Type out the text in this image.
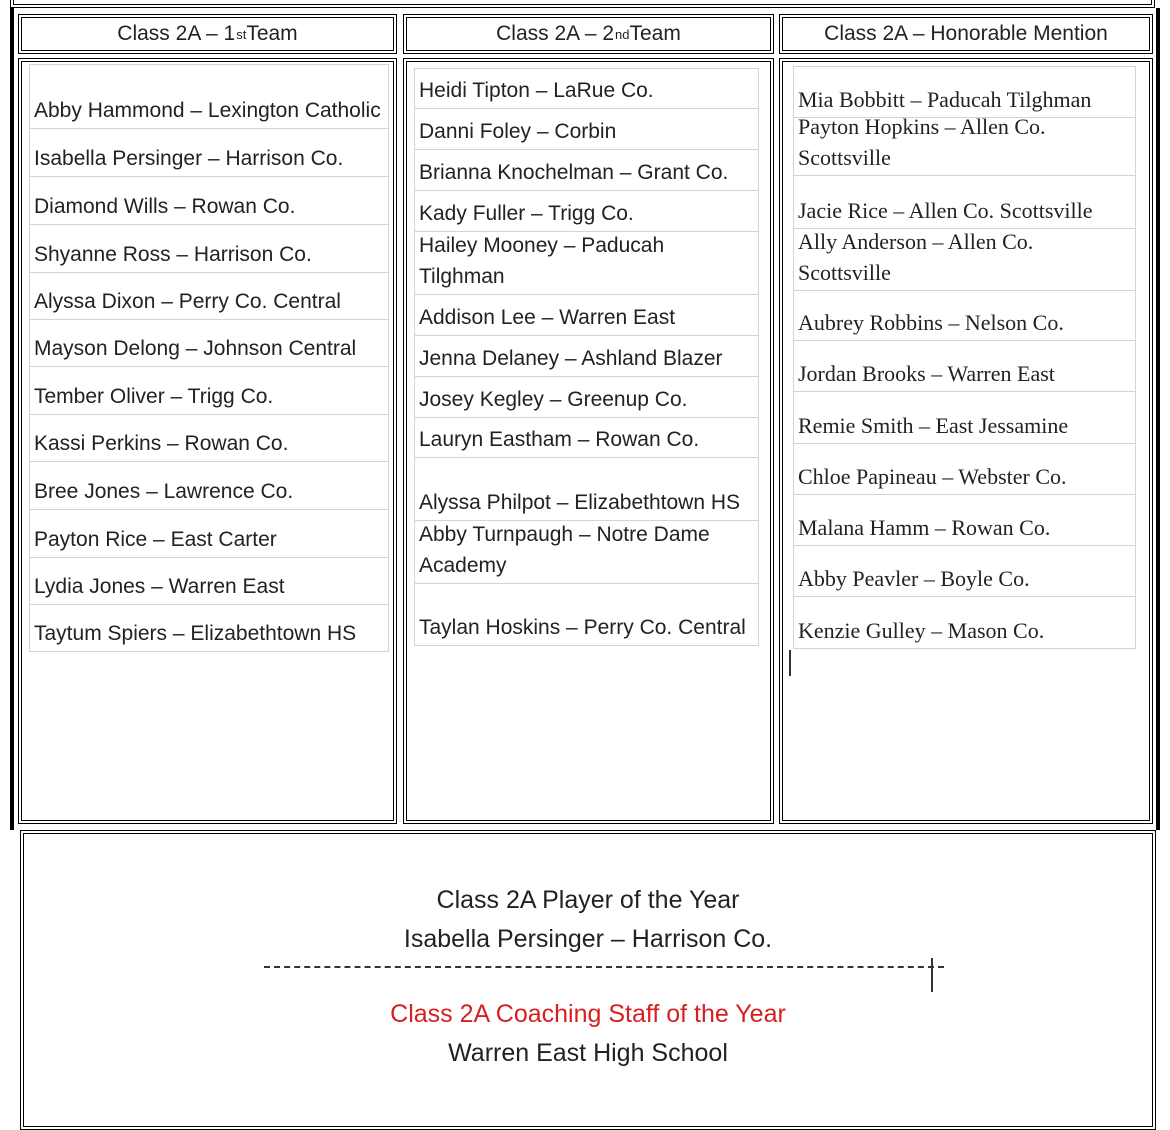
Class 2A – 1 st Team	Class 2A – 2 nd Team	Class 2A – Honorable Mention
Abby Hammond – Lexington Catholic
Isabella Persinger – Harrison Co.
Diamond Wills – Rowan Co.
Shyanne Ross – Harrison Co.
Alyssa Dixon – Perry Co. Central
Mayson Delong – Johnson Central
Tember Oliver – Trigg Co.
Kassi Perkins – Rowan Co.
Bree Jones – Lawrence Co.
Payton Rice – East Carter
Lydia Jones – Warren East
Taytum Spiers – Elizabethtown HS
Heidi Tipton – LaRue Co.
Danni Foley – Corbin
Brianna Knochelman – Grant Co.
Kady Fuller – Trigg Co.
Hailey Mooney – Paducah Tilghman
Addison Lee – Warren East
Jenna Delaney – Ashland Blazer
Josey Kegley – Greenup Co.
Lauryn Eastham – Rowan Co.
Alyssa Philpot – Elizabethtown HS
Abby Turnpaugh – Notre Dame Academy
Taylan Hoskins – Perry Co. Central
Mia Bobbitt – Paducah Tilghman
Payton Hopkins – Allen Co. Scottsville
Jacie Rice – Allen Co. Scottsville
Ally Anderson – Allen Co. Scottsville
Aubrey Robbins – Nelson Co.
Jordan Brooks – Warren East
Remie Smith – East Jessamine
Chloe Papineau – Webster Co.
Malana Hamm – Rowan Co.
Abby Peavler – Boyle Co.
Kenzie Gulley – Mason Co.
Class 2A Player of the Year
Isabella Persinger – Harrison Co.
Class 2A Coaching Staff of the Year
Warren East High School
